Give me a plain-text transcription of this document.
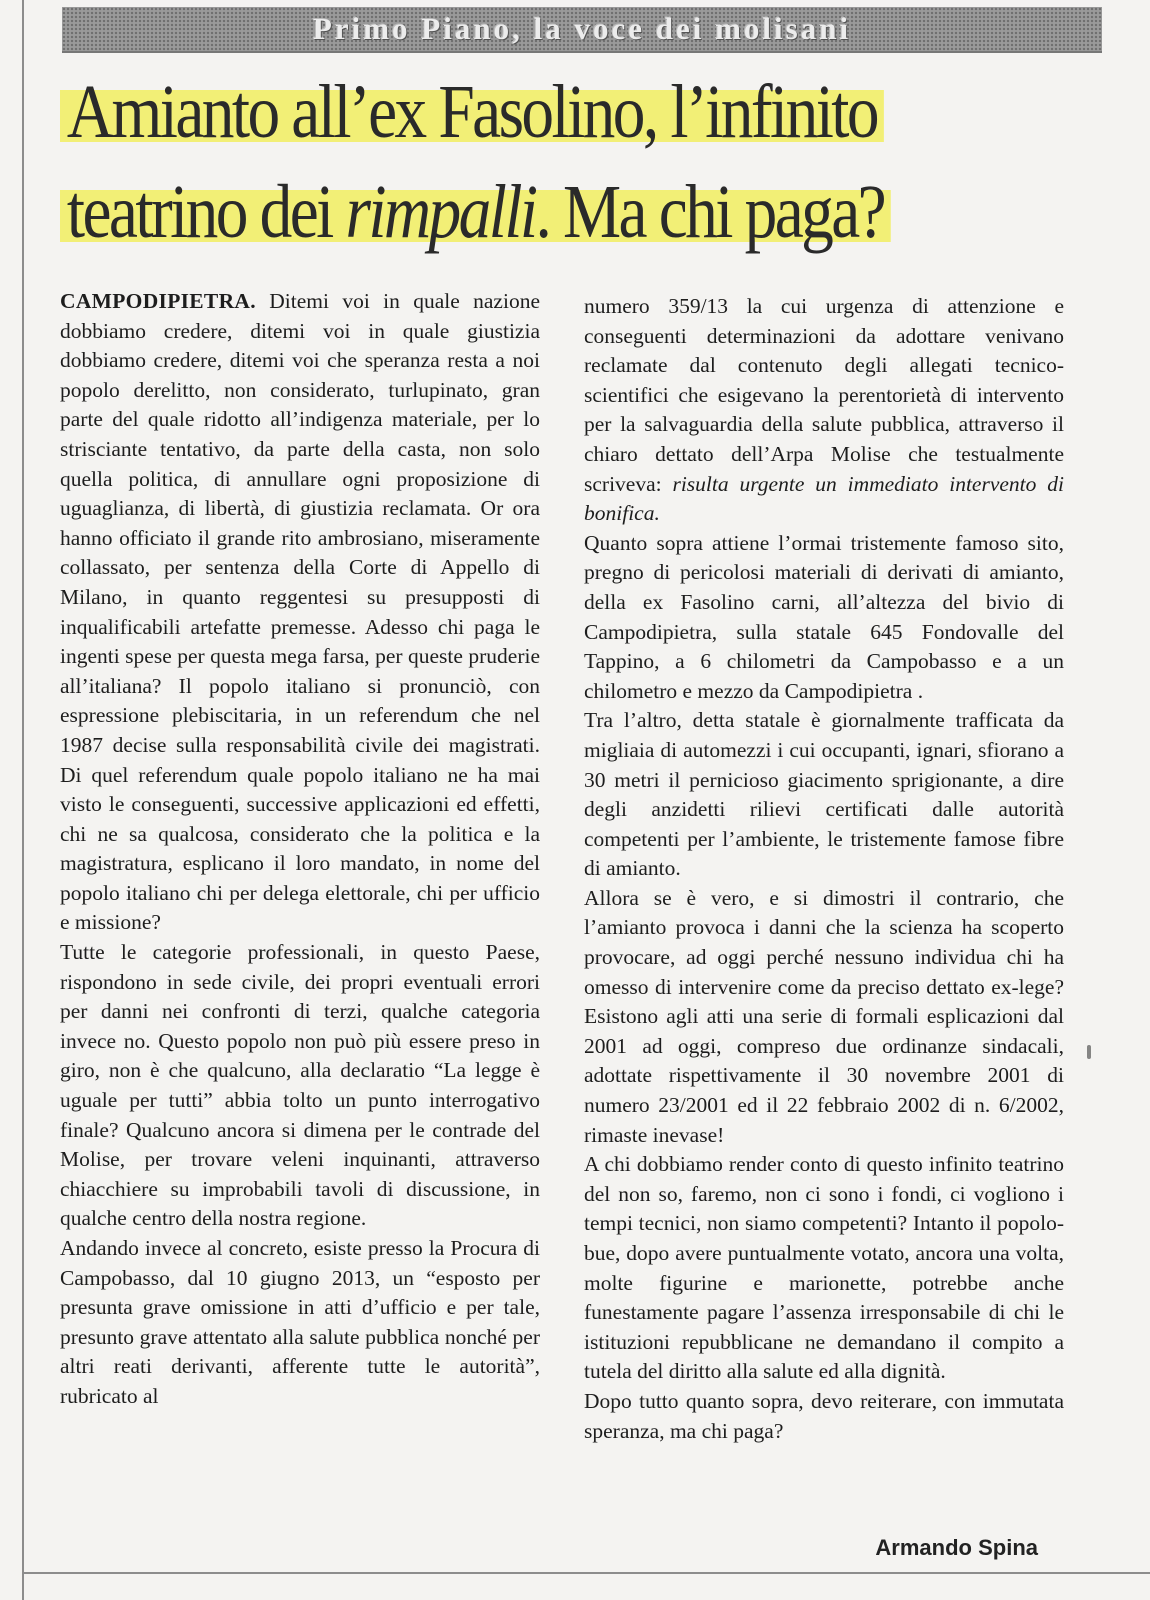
Primo Piano, la voce dei molisani
Amianto all’ex Fasolino, l’infinito
teatrino dei rimpalli. Ma chi paga?

CAMPODIPIETRA. Ditemi voi in quale nazione dobbiamo credere, ditemi voi in quale giustizia dobbiamo credere, ditemi voi che speranza resta a noi popolo derelitto, non considerato, turlupinato, gran parte del quale ridotto all’indigenza materiale, per lo strisciante tentativo, da parte della casta, non solo quella politica, di annullare ogni proposizione di uguaglianza, di libertà, di giustizia reclamata. Or ora hanno officiato il grande rito ambrosiano, miseramente collassato, per sentenza della Corte di Appello di Milano, in quanto reggentesi su presupposti di inqualificabili artefatte premesse. Adesso chi paga le ingenti spese per questa mega farsa, per queste pruderie all’italiana? Il popolo italiano si pronunciò, con espressione plebiscitaria, in un referendum che nel 1987 decise sulla responsabilità civile dei magistrati. Di quel referendum quale popolo italiano ne ha mai visto le conseguenti, successive applicazioni ed effetti, chi ne sa qualcosa, considerato che la politica e la magistratura, esplicano il loro mandato, in nome del popolo italiano chi per delega elettorale, chi per ufficio e missione?

Tutte le categorie professionali, in questo Paese, rispondono in sede civile, dei propri eventuali errori per danni nei confronti di terzi, qualche categoria invece no. Questo popolo non può più essere preso in giro, non è che qualcuno, alla declaratio “La legge è uguale per tutti” abbia tolto un punto interrogativo finale? Qualcuno ancora si dimena per le contrade del Molise, per trovare veleni inquinanti, attraverso chiacchiere su improbabili tavoli di discussione, in qualche centro della nostra regione.

Andando invece al concreto, esiste presso la Procura di Campobasso, dal 10 giugno 2013, un “esposto per presunta grave omissione in atti d’ufficio e per tale, presunto grave attentato alla salute pubblica nonché per altri reati derivanti, afferente tutte le autorità”, rubricato al

numero 359/13 la cui urgenza di attenzione e conseguenti determinazioni da adottare venivano reclamate dal contenuto degli allegati tecnico-scientifici che esigevano la perentorietà di intervento per la salvaguardia della salute pubblica, attraverso il chiaro dettato dell’Arpa Molise che testualmente scriveva: risulta urgente un immediato intervento di bonifica.

Quanto sopra attiene l’ormai tristemente famoso sito, pregno di pericolosi materiali di derivati di amianto, della ex Fasolino carni, all’altezza del bivio di Campodipietra, sulla statale 645 Fondovalle del Tappino, a 6 chilometri da Campobasso e a un chilometro e mezzo da Campodipietra .

Tra l’altro, detta statale è giornalmente trafficata da migliaia di automezzi i cui occupanti, ignari, sfiorano a 30 metri il pernicioso giacimento sprigionante, a dire degli anzidetti rilievi certificati dalle autorità competenti per l’ambiente, le tristemente famose fibre di amianto.

Allora se è vero, e si dimostri il contrario, che l’amianto provoca i danni che la scienza ha scoperto provocare, ad oggi perché nessuno individua chi ha omesso di intervenire come da preciso dettato ex-lege? Esistono agli atti una serie di formali esplicazioni dal 2001 ad oggi, compreso due ordinanze sindacali, adottate rispettivamente il 30 novembre 2001 di numero 23/2001 ed il 22 febbraio 2002 di n. 6/2002, rimaste inevase!

A chi dobbiamo render conto di questo infinito teatrino del non so, faremo, non ci sono i fondi, ci vogliono i tempi tecnici, non siamo competenti? Intanto il popolo-bue, dopo avere puntualmente votato, ancora una volta, molte figurine e marionette, potrebbe anche funestamente pagare l’assenza irresponsabile di chi le istituzioni repubblicane ne demandano il compito a tutela del diritto alla salute ed alla dignità.

Dopo tutto quanto sopra, devo reiterare, con immutata speranza, ma chi paga?

Armando Spina
